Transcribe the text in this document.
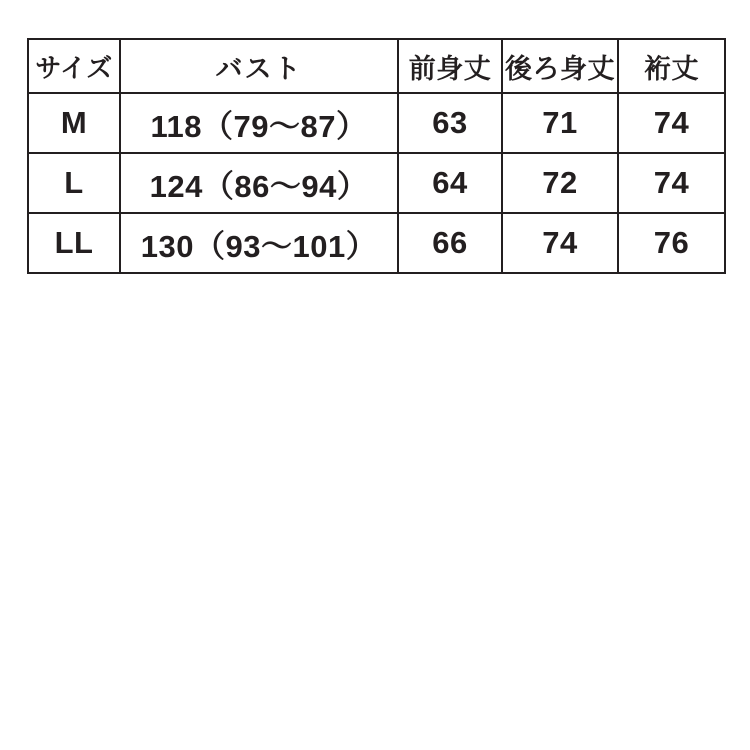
サイズ	バスト	前身丈	後ろ身丈	裄丈
M	118（79〜87）	63	71	74
L	124（86〜94）	64	72	74
LL	130（93〜101）	66	74	76
